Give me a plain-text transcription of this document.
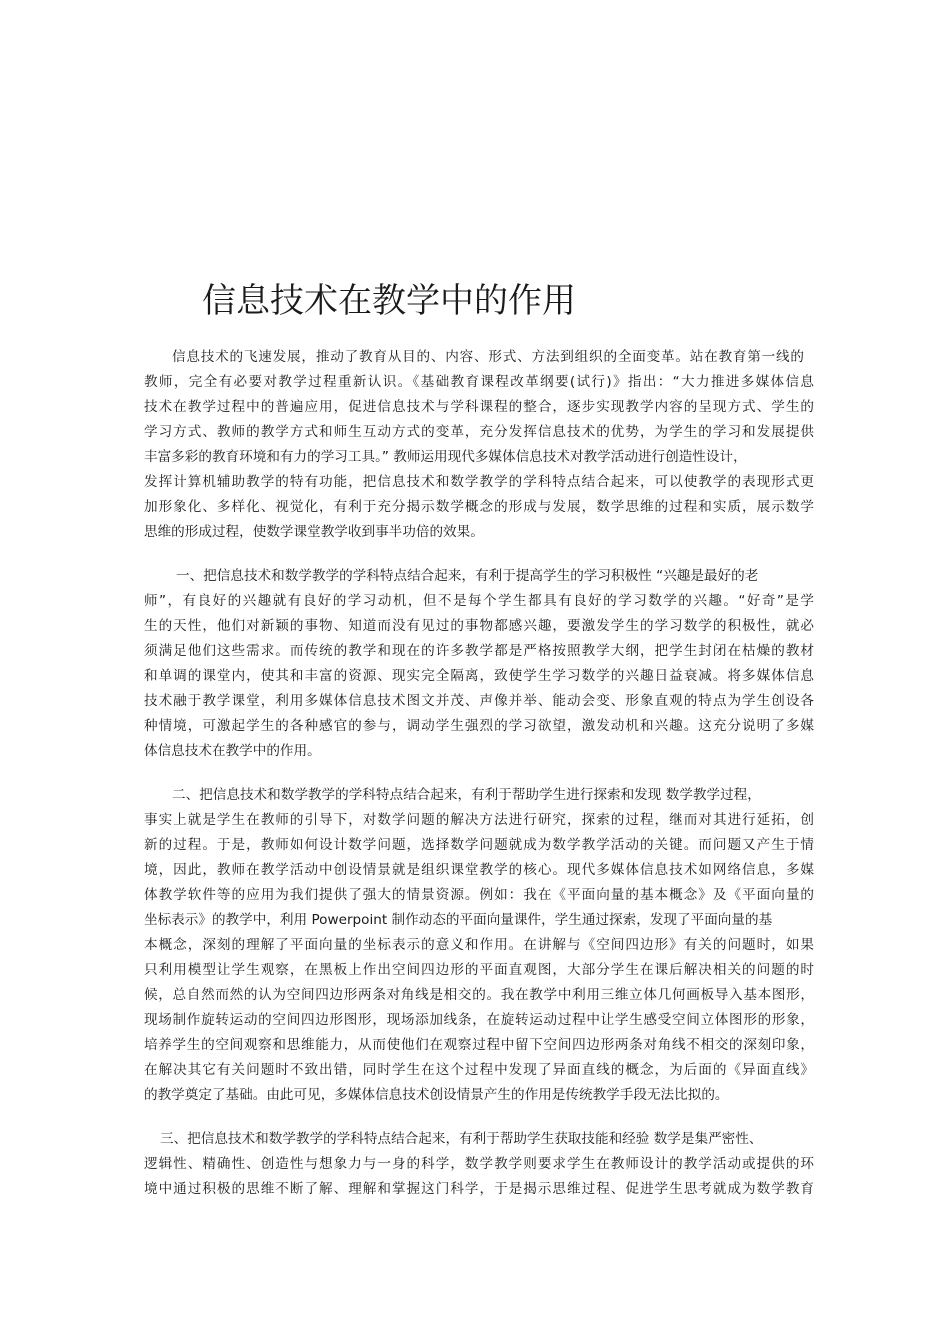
信息技术在教学中的作用
信息技术的飞速发展，推动了教育从目的、内容、形式、方法到组织的全面变革。站在教育第一线的
教师，完全有必要对教学过程重新认识。《基础教育课程改革纲要(试行)》指出：“大力推进多媒体信息
技术在教学过程中的普遍应用，促进信息技术与学科课程的整合，逐步实现教学内容的呈现方式、学生的
学习方式、教师的教学方式和师生互动方式的变革，充分发挥信息技术的优势，为学生的学习和发展提供
丰富多彩的教育环境和有力的学习工具。” 教师运用现代多媒体信息技术对教学活动进行创造性设计，
发挥计算机辅助教学的特有功能，把信息技术和数学教学的学科特点结合起来，可以使教学的表现形式更
加形象化、多样化、视觉化，有利于充分揭示数学概念的形成与发展，数学思维的过程和实质，展示数学
思维的形成过程，使数学课堂教学收到事半功倍的效果。
一、把信息技术和数学教学的学科特点结合起来，有利于提高学生的学习积极性 “兴趣是最好的老
师”，有良好的兴趣就有良好的学习动机，但不是每个学生都具有良好的学习数学的兴趣。“好奇”是学
生的天性，他们对新颖的事物、知道而没有见过的事物都感兴趣，要激发学生的学习数学的积极性，就必
须满足他们这些需求。而传统的教学和现在的许多教学都是严格按照教学大纲，把学生封闭在枯燥的教材
和单调的课堂内，使其和丰富的资源、现实完全隔离，致使学生学习数学的兴趣日益衰减。将多媒体信息
技术融于教学课堂，利用多媒体信息技术图文并茂、声像并举、能动会变、形象直观的特点为学生创设各
种情境，可激起学生的各种感官的参与，调动学生强烈的学习欲望，激发动机和兴趣。这充分说明了多媒
体信息技术在教学中的作用。
二、把信息技术和数学教学的学科特点结合起来，有利于帮助学生进行探索和发现 数学教学过程，
事实上就是学生在教师的引导下，对数学问题的解决方法进行研究，探索的过程，继而对其进行延拓，创
新的过程。于是，教师如何设计数学问题，选择数学问题就成为数学教学活动的关键。而问题又产生于情
境，因此，教师在教学活动中创设情景就是组织课堂教学的核心。现代多媒体信息技术如网络信息，多媒
体教学软件等的应用为我们提供了强大的情景资源。例如：我在《平面向量的基本概念》及《平面向量的
坐标表示》的教学中，利用 Powerpoint 制作动态的平面向量课件，学生通过探索，发现了平面向量的基
本概念，深刻的理解了平面向量的坐标表示的意义和作用。在讲解与《空间四边形》有关的问题时，如果
只利用模型让学生观察，在黑板上作出空间四边形的平面直观图，大部分学生在课后解决相关的问题的时
候，总自然而然的认为空间四边形两条对角线是相交的。我在教学中利用三维立体几何画板导入基本图形，
现场制作旋转运动的空间四边形图形，现场添加线条，在旋转运动过程中让学生感受空间立体图形的形象，
培养学生的空间观察和思维能力，从而使他们在观察过程中留下空间四边形两条对角线不相交的深刻印象，
在解决其它有关问题时不致出错，同时学生在这个过程中发现了异面直线的概念，为后面的《异面直线》
的教学奠定了基础。由此可见，多媒体信息技术创设情景产生的作用是传统教学手段无法比拟的。
三、把信息技术和数学教学的学科特点结合起来，有利于帮助学生获取技能和经验 数学是集严密性、
逻辑性、精确性、创造性与想象力与一身的科学，数学教学则要求学生在教师设计的教学活动或提供的环
境中通过积极的思维不断了解、理解和掌握这门科学，于是揭示思维过程、促进学生思考就成为数学教育
